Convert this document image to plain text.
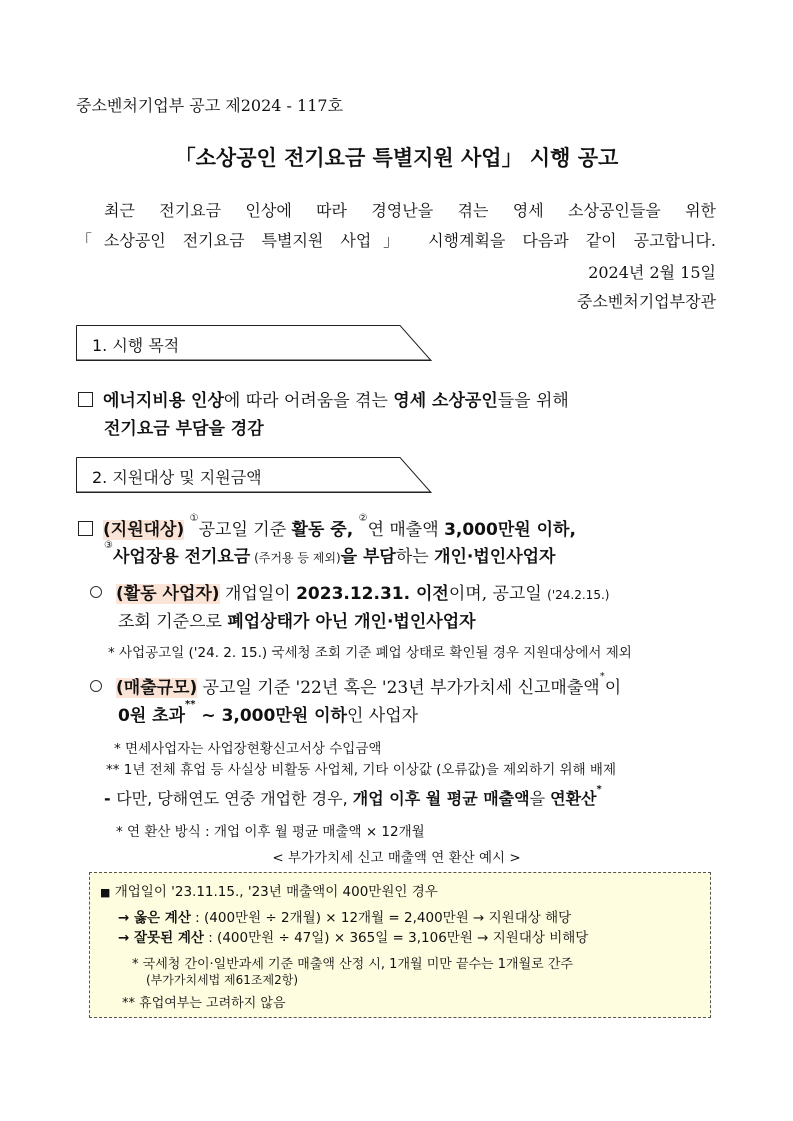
중소벤처기업부 공고 제2024 - 117호
「소상공인 전기요금 특별지원 사업」 시행 공고
최근 전기요금 인상에 따라 경영난을 겪는 영세 소상공인들을 위한
「소상공인 전기요금 특별지원 사업」 시행계획을 다음과 같이 공고합니다.
2024년 2월 15일
중소벤처기업부장관
1. 시행 목적
에너지비용 인상에 따라 어려움을 겪는 영세 소상공인들을 위해
전기요금 부담을 경감
2. 지원대상 및 지원금액
(지원대상) ①공고일 기준 활동 중, ②연 매출액 3,000만원 이하,
③사업장용 전기요금 (주거용 등 제외)을 부담하는 개인·법인사업자
(활동 사업자) 개업일이 2023.12.31. 이전이며, 공고일 ('24.2.15.)
조회 기준으로 폐업상태가 아닌 개인·법인사업자
* 사업공고일 ('24. 2. 15.) 국세청 조회 기준 폐업 상태로 확인될 경우 지원대상에서 제외
(매출규모) 공고일 기준 '22년 혹은 '23년 부가가치세 신고매출액*이
0원 초과** ~ 3,000만원 이하인 사업자
* 면세사업자는 사업장현황신고서상 수입금액
** 1년 전체 휴업 등 사실상 비활동 사업체, 기타 이상값 (오류값)을 제외하기 위해 배제
- 다만, 당해연도 연중 개업한 경우, 개업 이후 월 평균 매출액을 연환산*
* 연 환산 방식 : 개업 이후 월 평균 매출액 × 12개월
< 부가가치세 신고 매출액 연 환산 예시 >
■ 개업일이 '23.11.15., '23년 매출액이 400만원인 경우
→ 옳은 계산 : (400만원 ÷ 2개월) × 12개월 = 2,400만원 → 지원대상 해당
→ 잘못된 계산 : (400만원 ÷ 47일) × 365일 = 3,106만원 → 지원대상 비해당
* 국세청 간이·일반과세 기준 매출액 산정 시, 1개월 미만 끝수는 1개월로 간주
(부가가치세법 제61조제2항)
** 휴업여부는 고려하지 않음
